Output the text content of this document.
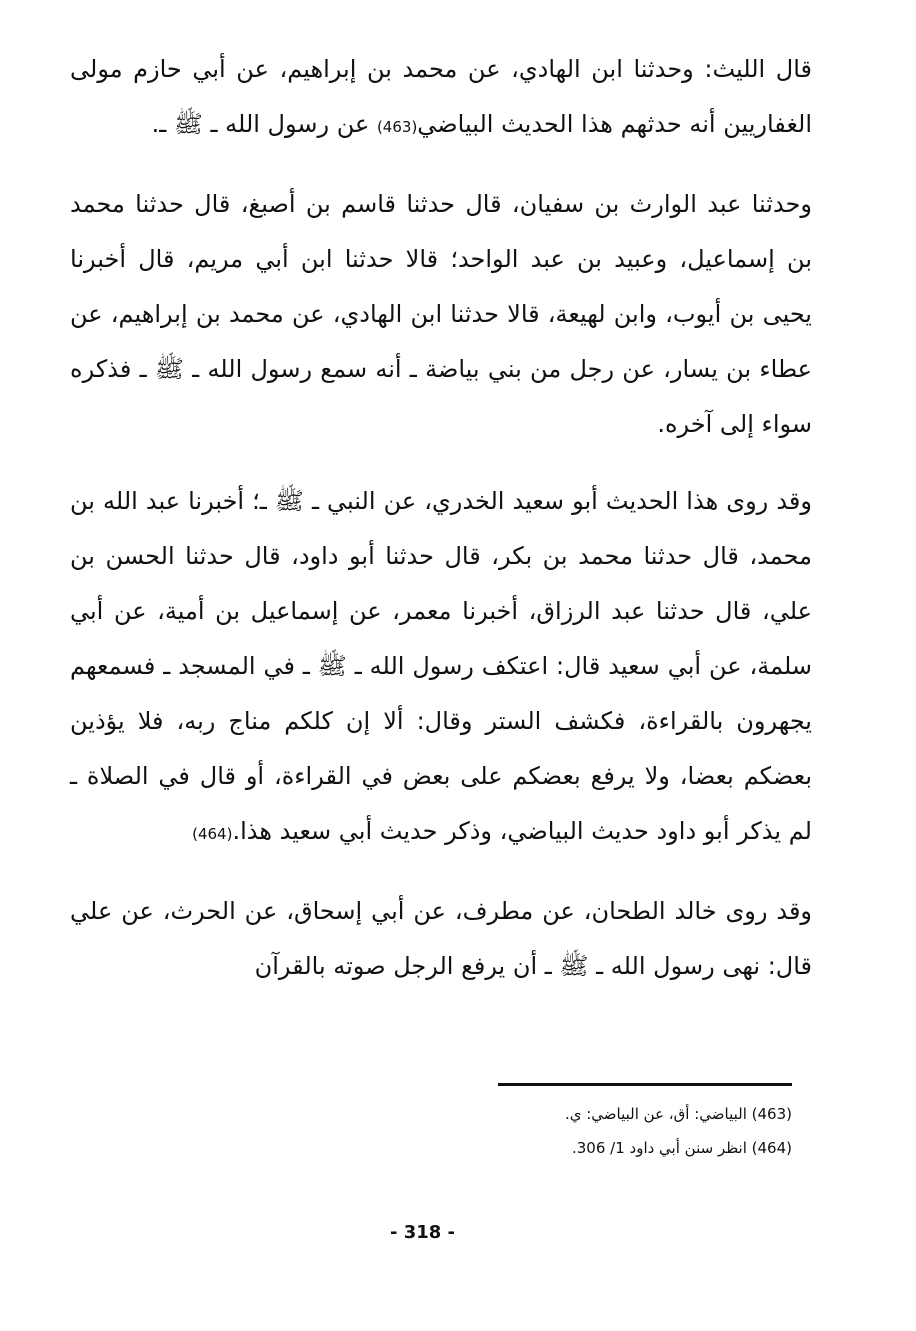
قال الليث: وحدثنا ابن الهادي، عن محمد بن إبراهيم، عن أبي حازم مولى الغفاريين أنه حدثهم هذا الحديث البياضي(463) عن رسول الله ـ ﷺ ـ.

وحدثنا عبد الوارث بن سفيان، قال حدثنا قاسم بن أصبغ، قال حدثنا محمد بن إسماعيل، وعبيد بن عبد الواحد؛ قالا حدثنا ابن أبي مريم، قال أخبرنا يحيى بن أيوب، وابن لهيعة، قالا حدثنا ابن الهادي، عن محمد بن إبراهيم، عن عطاء بن يسار، عن رجل من بني بياضة ـ أنه سمع رسول الله ـ ﷺ ـ فذكره سواء إلى آخره.

وقد روى هذا الحديث أبو سعيد الخدري، عن النبي ـ ﷺ ـ؛ أخبرنا عبد الله بن محمد، قال حدثنا محمد بن بكر، قال حدثنا أبو داود، قال حدثنا الحسن بن علي، قال حدثنا عبد الرزاق، أخبرنا معمر، عن إسماعيل بن أمية، عن أبي سلمة، عن أبي سعيد قال: اعتكف رسول الله ـ ﷺ ـ في المسجد ـ فسمعهم يجهرون بالقراءة، فكشف الستر وقال: ألا إن كلكم مناج ربه، فلا يؤذين بعضكم بعضا، ولا يرفع بعضكم على بعض في القراءة، أو قال في الصلاة ـ لم يذكر أبو داود حديث البياضي، وذكر حديث أبي سعيد هذا.(464)

وقد روى خالد الطحان، عن مطرف، عن أبي إسحاق، عن الحرث، عن علي قال: نهى رسول الله ـ ﷺ ـ أن يرفع الرجل صوته بالقرآن

(463) البياضي: أق، عن البياضي: ي.
(464) انظر سنن أبي داود 1/ 306.
- 318 -
